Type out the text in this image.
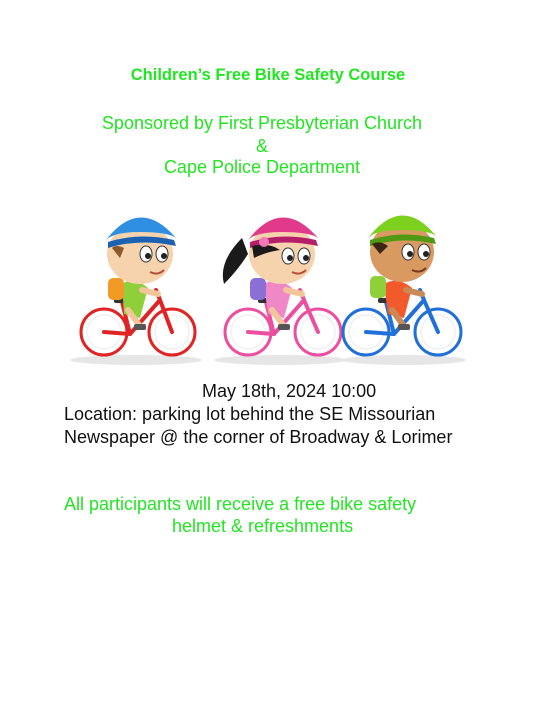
Children’s Free Bike Safety Course
Sponsored by First Presbyterian Church
&
Cape Police Department
May 18th, 2024 10:00
Location: parking lot behind the SE Missourian
Newspaper @ the corner of Broadway & Lorimer
All participants will receive a free bike safety
helmet & refreshments
